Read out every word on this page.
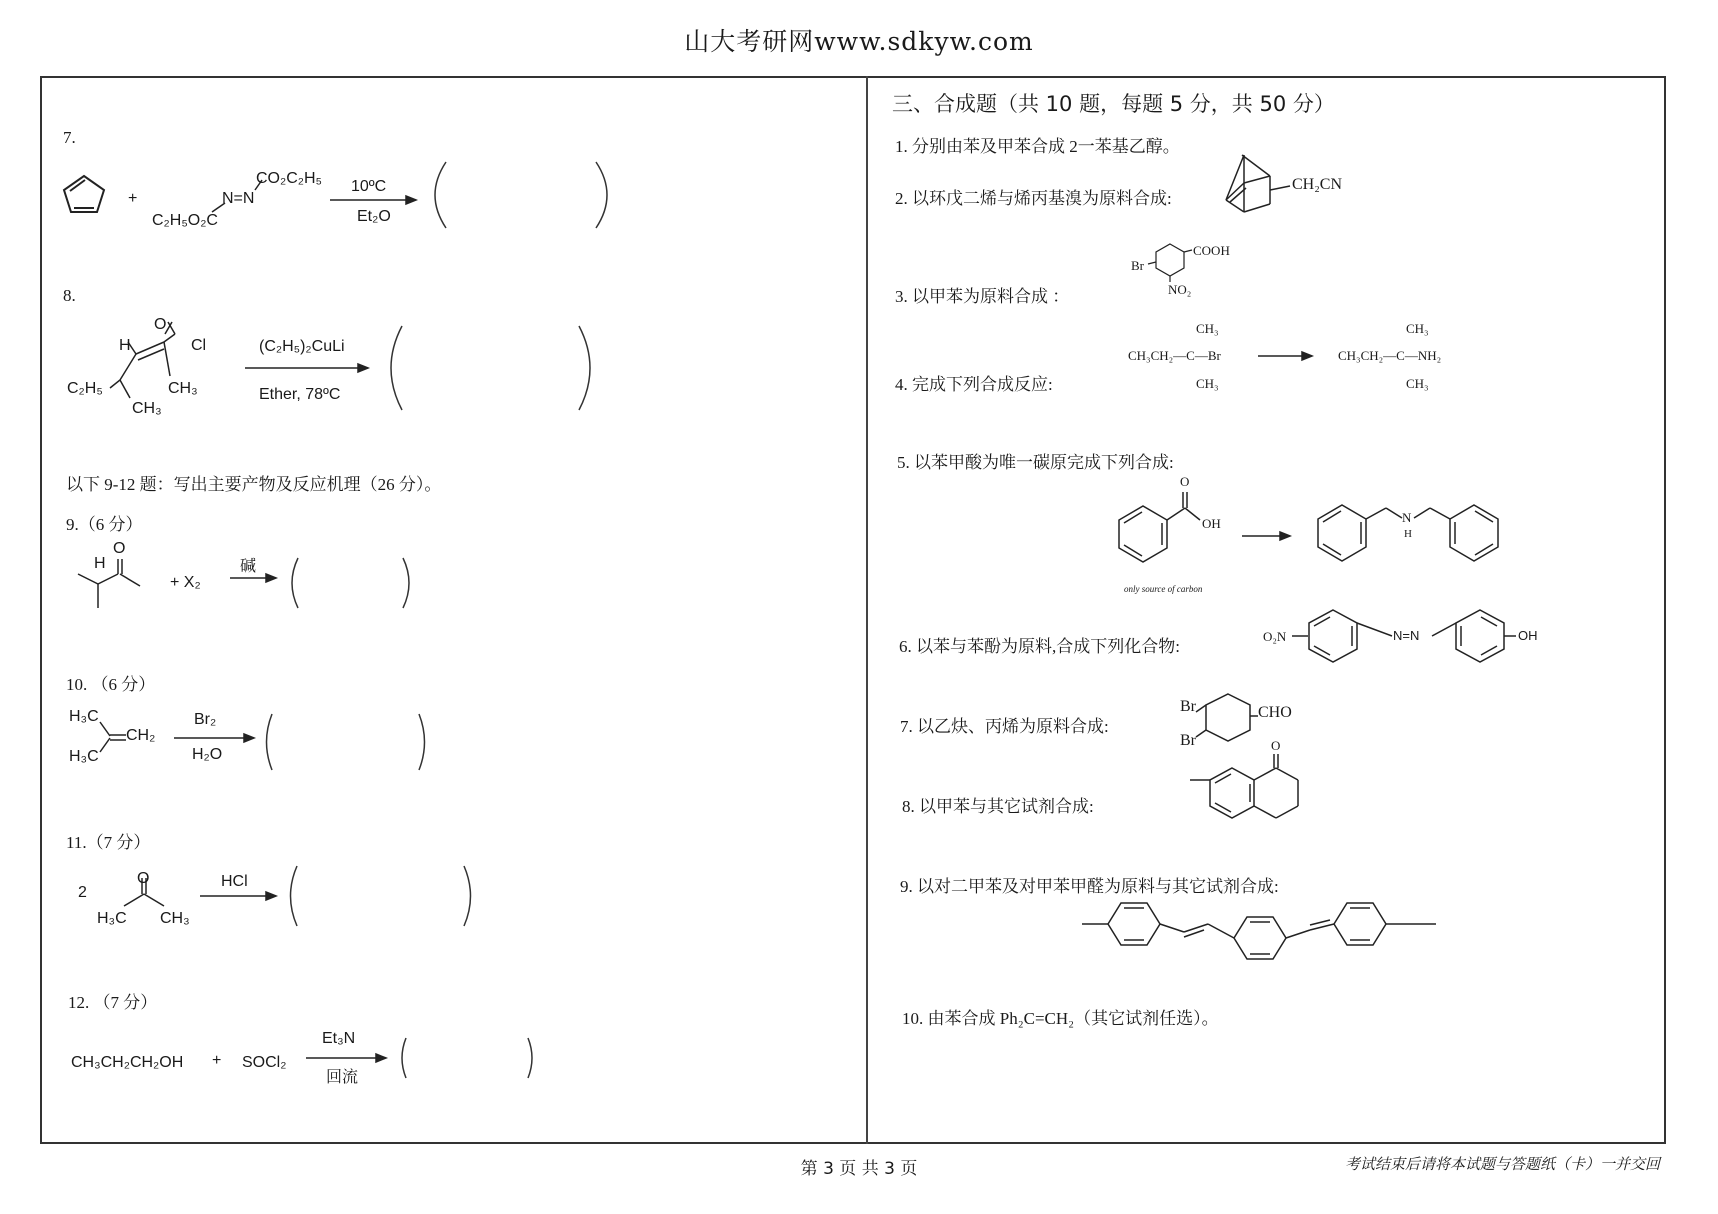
山大考研网www.sdkyw.com
7.
+
CO₂C₂H₅
N=N
C₂H₅O₂C
10ºC
Et₂O
8.
H
O
Cl
C₂H₅	CH₃
CH₃
(C₂H₅)₂CuLi
Ether, 78ºC
以下 9-12 题：写出主要产物及反应机理（26 分）。
9.（6 分）
H
O
+ X₂
碱
10. （6 分）
H₃C
CH₂
H₃C
Br₂
H₂O
11.（7 分）
2
O
H₃C CH₃
HCl
12. （7 分）
CH₃CH₂CH₂OH + SOCl₂
Et₃N
回流
三、合成题（共 10 题，每题 5 分，共 50 分）
1. 分别由苯及甲苯合成 2一苯基乙醇。
2. 以环戊二烯与烯丙基溴为原料合成:
CH₂CN
3. 以甲苯为原料合成 ：
Br
COOH
NO₂
4. 完成下列合成反应:
CH₃
CH₃CH₂—C—Br
CH₃
CH₃
CH₃CH₂—C—NH₂
CH₃
5. 以苯甲酸为唯一碳原完成下列合成:
O
OH
only source of carbon
N
H
6. 以苯与苯酚为原料,合成下列化合物:
O₂N	N=N	OH
7. 以乙炔、丙烯为原料合成:
Br
Br
CHO
8. 以甲苯与其它试剂合成:
O
9. 以对二甲苯及对甲苯甲醛为原料与其它试剂合成:
10. 由苯合成 Ph₂C=CH₂（其它试剂任选）。
第 3 页 共 3 页	考试结束后请将本试题与答题纸（卡）一并交回
